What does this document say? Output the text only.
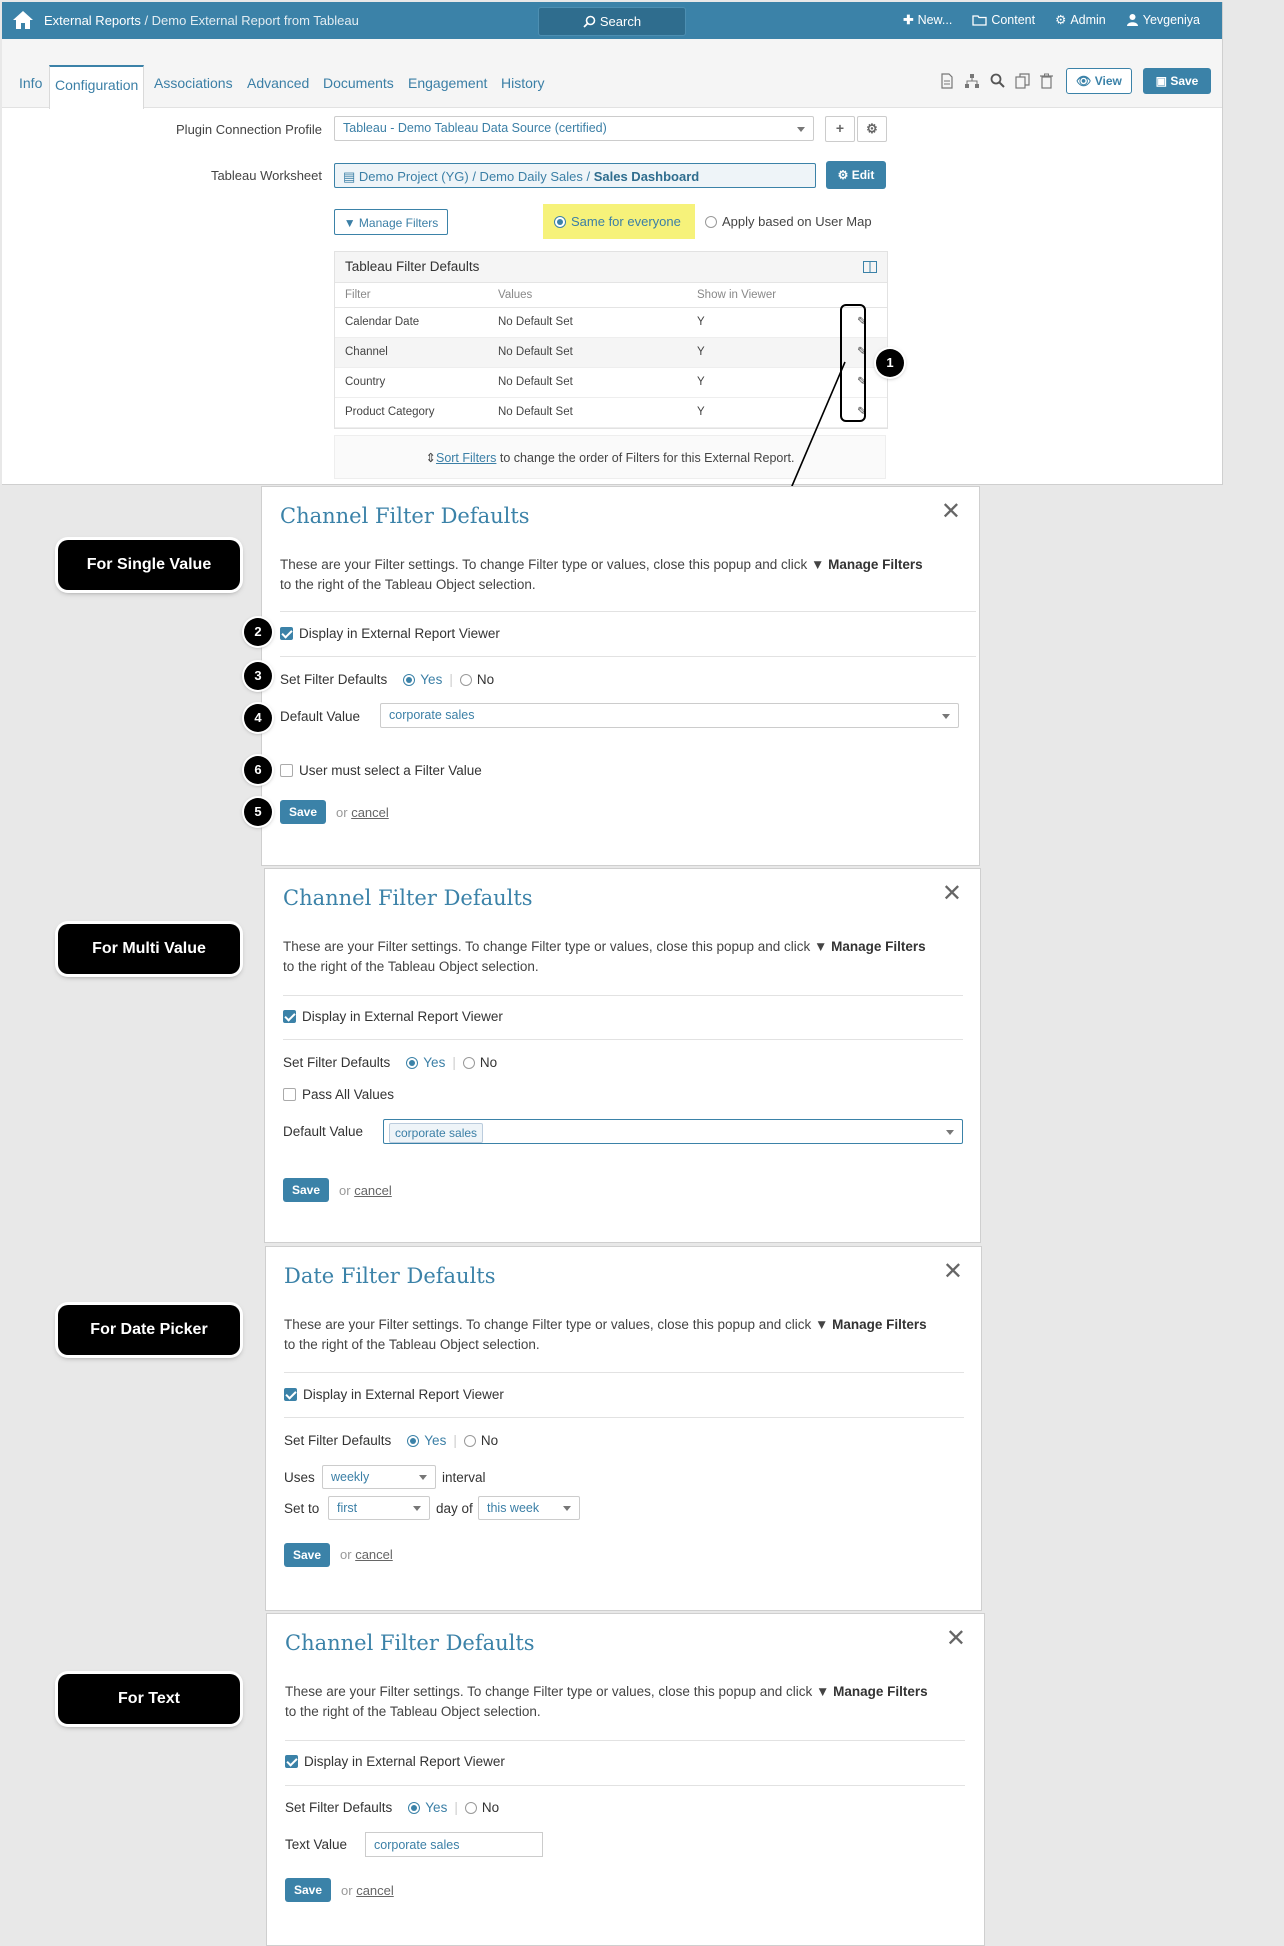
External Reports / Demo External Report from Tableau	Search	✚ New...	Content ⚙ Admin	Yevgeniya
Info Configuration	Associations Advanced Documents Engagement History	👁 View	▣ Save
Plugin Connection Profile	Tableau - Demo Tableau Data Source (certified)	+	⚙
Tableau Worksheet	▤ Demo Project (YG) / Demo Daily Sales / Sales Dashboard	⚙ Edit
▼ Manage Filters	Same for everyone	Apply based on User Map
Tableau Filter Defaults
Filter	Values	Show in Viewer
Calendar Date	No Default Set	Y	✎
Channel	No Default Set	Y	✎
Country	No Default Set	Y	✎
Product Category	No Default Set	Y	✎
⇕Sort Filters to change the order of Filters for this External Report.
1
For Single Value
Channel Filter Defaults	✕
These are your Filter settings. To change Filter type or values, close this popup and click ▼ Manage Filters
to the right of the Tableau Object selection.
Display in External Report Viewer
Set Filter Defaults Yes | No
Default Value	corporate sales
User must select a Filter Value
Save	or cancel
2
3
4
6
5
For Multi Value
Channel Filter Defaults	✕
These are your Filter settings. To change Filter type or values, close this popup and click ▼ Manage Filters
to the right of the Tableau Object selection.
Display in External Report Viewer
Set Filter Defaults Yes | No
Pass All Values
Default Value	corporate sales
Save	or cancel
For Date Picker
Date Filter Defaults	✕
These are your Filter settings. To change Filter type or values, close this popup and click ▼ Manage Filters
to the right of the Tableau Object selection.
Display in External Report Viewer
Set Filter Defaults Yes | No
Uses	weekly	interval
Set to	first	day of	this week
Save	or cancel
For Text
Channel Filter Defaults	✕
These are your Filter settings. To change Filter type or values, close this popup and click ▼ Manage Filters
to the right of the Tableau Object selection.
Display in External Report Viewer
Set Filter Defaults Yes | No
Text Value	corporate sales
Save	or cancel
